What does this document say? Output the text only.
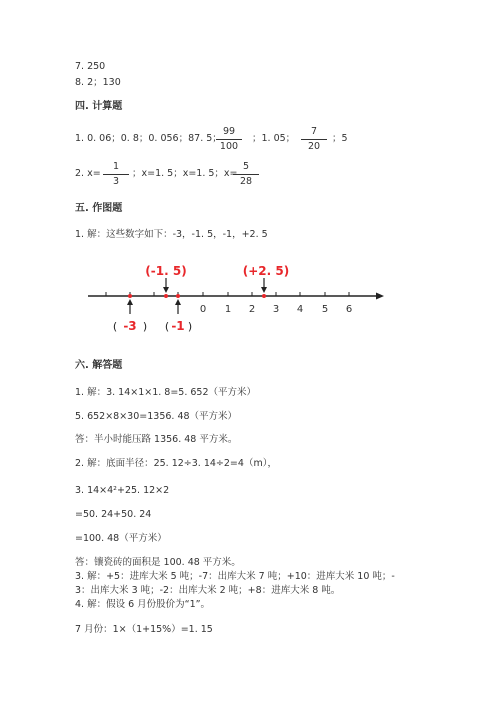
7. 250
8. 2；130
四. 计算题
1. 0. 06；0. 8；0. 056；87. 5；
99
100
；1. 05；
7
20
；5
2. x=
1
3
；x=1. 5；x=1. 5；x=
5
28
五. 作图题
1. 解：这些数字如下：-3，-1. 5，-1，+2. 5
0 1 2 3 4 5 6
(-1. 5)	(+2. 5)
( -3 ) ( -1 )
六. 解答题
1. 解：3. 14×1×1. 8=5. 652（平方米）
5. 652×8×30=1356. 48（平方米）
答：半小时能压路 1356. 48 平方米。
2. 解：底面半径：25. 12÷3. 14÷2=4（m），
3. 14×4²+25. 12×2
=50. 24+50. 24
=100. 48（平方米）
答：镶瓷砖的面积是 100. 48 平方米。
3. 解：+5：进库大米 5 吨；-7：出库大米 7 吨；+10：进库大米 10 吨；-
3：出库大米 3 吨；-2：出库大米 2 吨；+8：进库大米 8 吨。
4. 解：假设 6 月份股价为“1”。
7 月份：1×（1+15%）=1. 15
